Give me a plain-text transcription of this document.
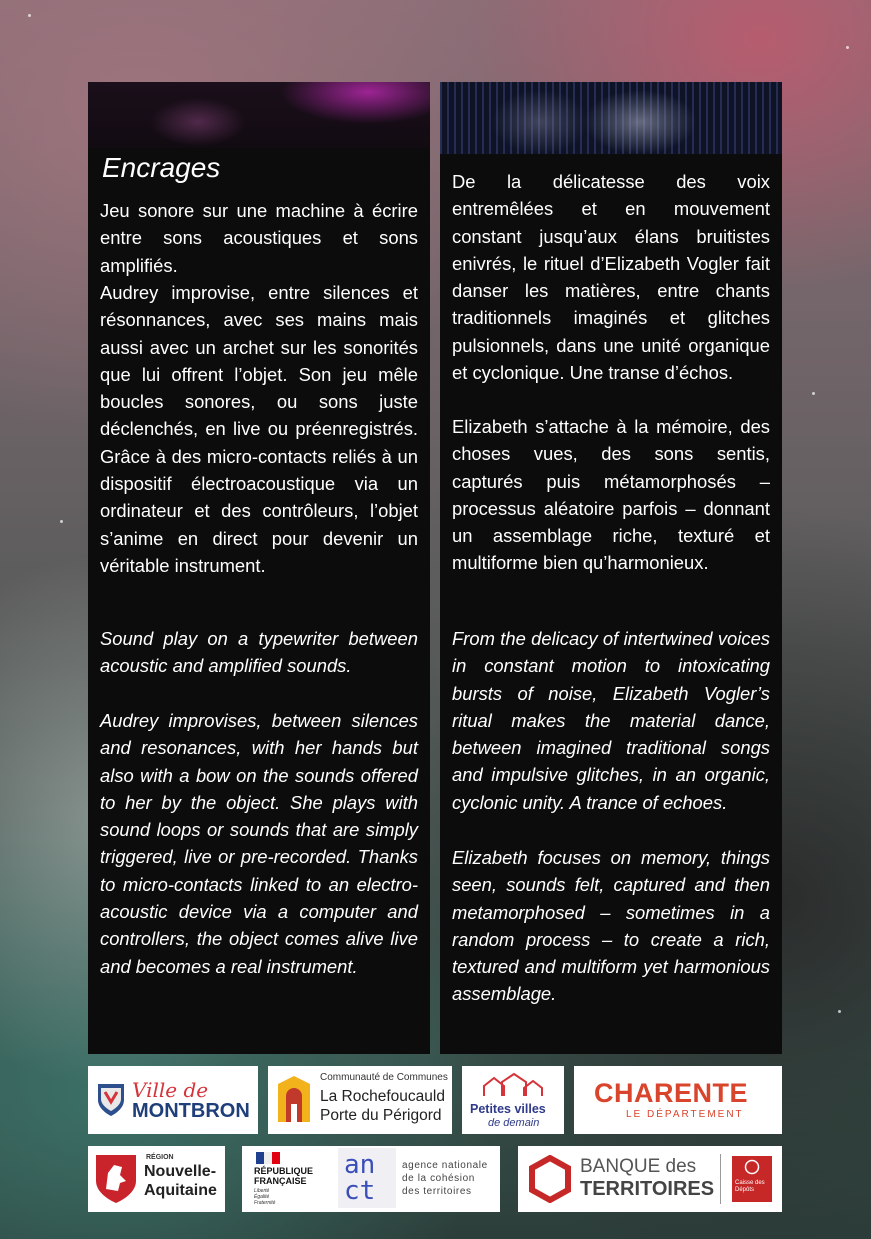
Encrages

Jeu sonore sur une machine à écrire entre sons acoustiques et sons amplifiés.

Audrey improvise, entre silences et résonnances, avec ses mains mais aussi avec un archet sur les sonorités que lui offrent l’objet. Son jeu mêle boucles sonores, ou sons juste déclenchés, en live ou préenregistrés. Grâce à des micro-contacts reliés à un dispositif électroacoustique via un ordinateur et des contrôleurs, l’objet s’anime en direct pour devenir un véritable instrument.

Sound play on a typewriter between acoustic and amplified sounds.

Audrey improvises, between silences and resonances, with her hands but also with a bow on the sounds offered to her by the object. She plays with sound loops or sounds that are simply triggered, live or pre-recorded. Thanks to micro-contacts linked to an electro-acoustic device via a computer and controllers, the object comes alive live and becomes a real instrument.

De la délicatesse des voix entremêlées et en mouvement constant jusqu’aux élans bruitistes enivrés, le rituel d’Elizabeth Vogler fait danser les matières, entre chants traditionnels imaginés et glitches pulsionnels, dans une unité organique et cyclonique. Une transe d’échos.

Elizabeth s’attache à la mémoire, des choses vues, des sons sentis, capturés puis métamorphosés – processus aléatoire parfois – donnant un assemblage riche, texturé et multiforme bien qu’harmonieux.

From the delicacy of intertwined voices in constant motion to intoxicating bursts of noise, Elizabeth Vogler’s ritual makes the material dance, between imagined traditional songs and impulsive glitches, in an organic, cyclonic unity. A trance of echoes.

Elizabeth focuses on memory, things seen, sounds felt, captured and then metamorphosed – sometimes in a random process – to create a rich, textured and multiform yet harmonious assemblage.

Ville de

MONTBRON

Communauté de Communes

La Rochefoucauld

Porte du Périgord Petites villes

de demain

CHARENTE

LE DÉPARTEMENT

RÉGION

Nouvelle-

Aquitaine

RÉPUBLIQUE

FRANÇAISE

Liberté

Égalité

Fraternité

an

ct

agence nationale

de la cohésion

des territoires

BANQUE des

TERRITOIRES	Caisse des Dépôts
